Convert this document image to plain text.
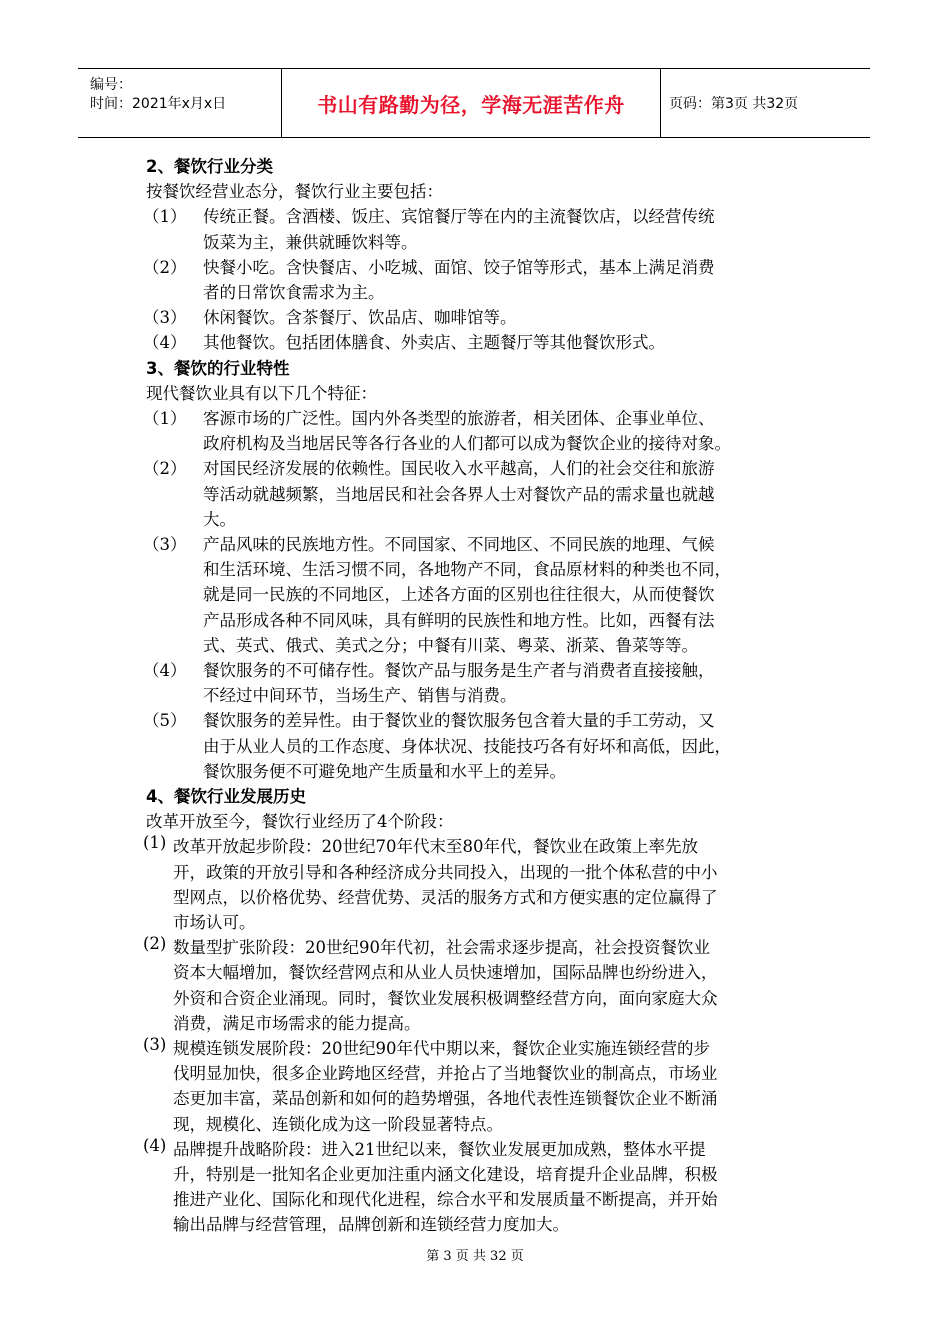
编号：
时间：2021年x月x日	书山有路勤为径，学海无涯苦作舟	页码：第3页 共32页
2、餐饮行业分类
按餐饮经营业态分，餐饮行业主要包括：
（1） 传统正餐。含酒楼、饭庄、宾馆餐厅等在内的主流餐饮店，以经营传统
饭菜为主，兼供就睡饮料等。
（2） 快餐小吃。含快餐店、小吃城、面馆、饺子馆等形式，基本上满足消费
者的日常饮食需求为主。
（3） 休闲餐饮。含茶餐厅、饮品店、咖啡馆等。
（4） 其他餐饮。包括团体膳食、外卖店、主题餐厅等其他餐饮形式。
3、餐饮的行业特性
现代餐饮业具有以下几个特征：
（1） 客源市场的广泛性。国内外各类型的旅游者，相关团体、企事业单位、
政府机构及当地居民等各行各业的人们都可以成为餐饮企业的接待对象。
（2） 对国民经济发展的依赖性。国民收入水平越高，人们的社会交往和旅游
等活动就越频繁，当地居民和社会各界人士对餐饮产品的需求量也就越
大。
（3） 产品风味的民族地方性。不同国家、不同地区、不同民族的地理、气候
和生活环境、生活习惯不同，各地物产不同，食品原材料的种类也不同，
就是同一民族的不同地区，上述各方面的区别也往往很大，从而使餐饮
产品形成各种不同风味，具有鲜明的民族性和地方性。比如，西餐有法
式、英式、俄式、美式之分；中餐有川菜、粤菜、浙菜、鲁菜等等。
（4） 餐饮服务的不可储存性。餐饮产品与服务是生产者与消费者直接接触，
不经过中间环节，当场生产、销售与消费。
（5） 餐饮服务的差异性。由于餐饮业的餐饮服务包含着大量的手工劳动，又
由于从业人员的工作态度、身体状况、技能技巧各有好坏和高低，因此，
餐饮服务便不可避免地产生质量和水平上的差异。
4、餐饮行业发展历史
改革开放至今，餐饮行业经历了4个阶段：
(1) 改革开放起步阶段：20世纪70年代末至80年代，餐饮业在政策上率先放
开，政策的开放引导和各种经济成分共同投入，出现的一批个体私营的中小
型网点，以价格优势、经营优势、灵活的服务方式和方便实惠的定位赢得了
市场认可。
(2) 数量型扩张阶段：20世纪90年代初，社会需求逐步提高，社会投资餐饮业
资本大幅增加，餐饮经营网点和从业人员快速增加，国际品牌也纷纷进入，
外资和合资企业涌现。同时，餐饮业发展积极调整经营方向，面向家庭大众
消费，满足市场需求的能力提高。
(3) 规模连锁发展阶段：20世纪90年代中期以来，餐饮企业实施连锁经营的步
伐明显加快，很多企业跨地区经营，并抢占了当地餐饮业的制高点，市场业
态更加丰富，菜品创新和如何的趋势增强，各地代表性连锁餐饮企业不断涌
现，规模化、连锁化成为这一阶段显著特点。
(4) 品牌提升战略阶段：进入21世纪以来，餐饮业发展更加成熟，整体水平提
升，特别是一批知名企业更加注重内涵文化建设，培育提升企业品牌，积极
推进产业化、国际化和现代化进程，综合水平和发展质量不断提高，并开始
输出品牌与经营管理，品牌创新和连锁经营力度加大。
第 3 页 共 32 页
